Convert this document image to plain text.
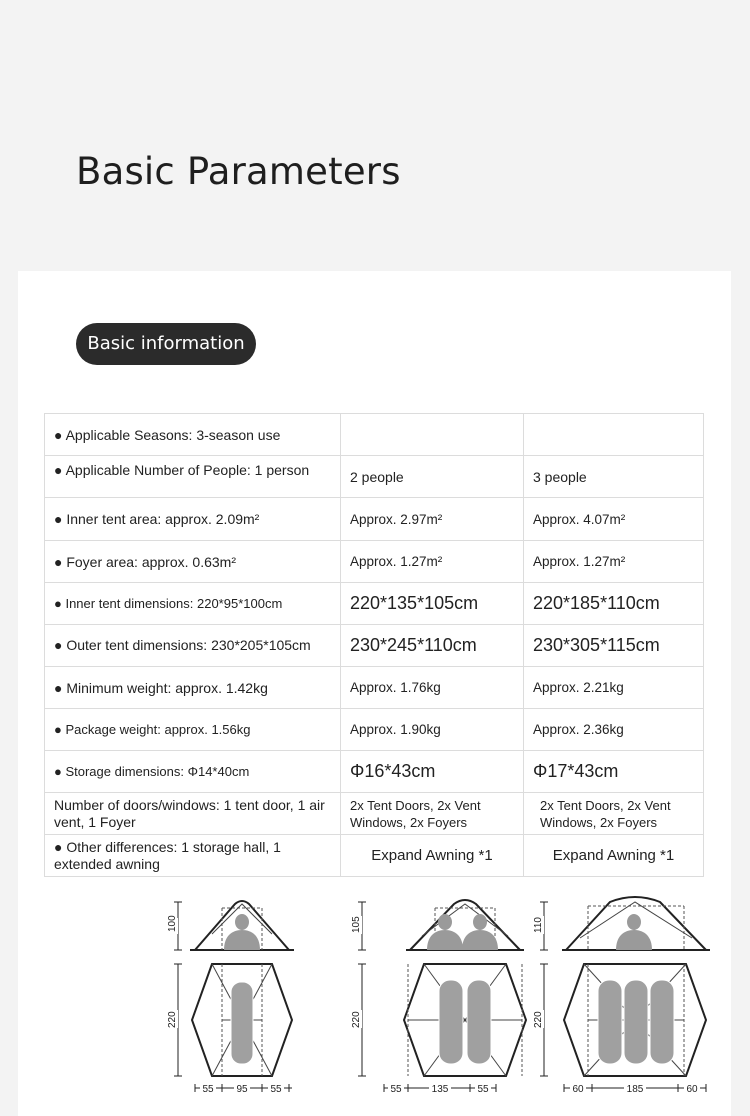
Basic Parameters
Basic information
● Applicable Seasons: 3-season use		
● Applicable Number of People: 1 person	2 people	3 people
● Inner tent area: approx. 2.09m²	Approx. 2.97m²	Approx. 4.07m²
● Foyer area: approx. 0.63m²	Approx. 1.27m²	Approx. 1.27m²
● Inner tent dimensions: 220*95*100cm	220*135*105cm	220*185*110cm
● Outer tent dimensions: 230*205*105cm	230*245*110cm	230*305*115cm
● Minimum weight: approx. 1.42kg	Approx. 1.76kg	Approx. 2.21kg
● Package weight: approx. 1.56kg	Approx. 1.90kg	Approx. 2.36kg
● Storage dimensions: Φ14*40cm	Φ16*43cm	Φ17*43cm
Number of doors/windows: 1 tent door, 1 air vent, 1 Foyer	2x Tent Doors, 2x Vent Windows, 2x Foyers	2x Tent Doors, 2x Vent Windows, 2x Foyers
● Other differences: 1 storage hall, 1 extended awning	Expand Awning *1	Expand Awning *1
100
220
55 95 55
105
220
55	135	55
110
220
60	185	60
